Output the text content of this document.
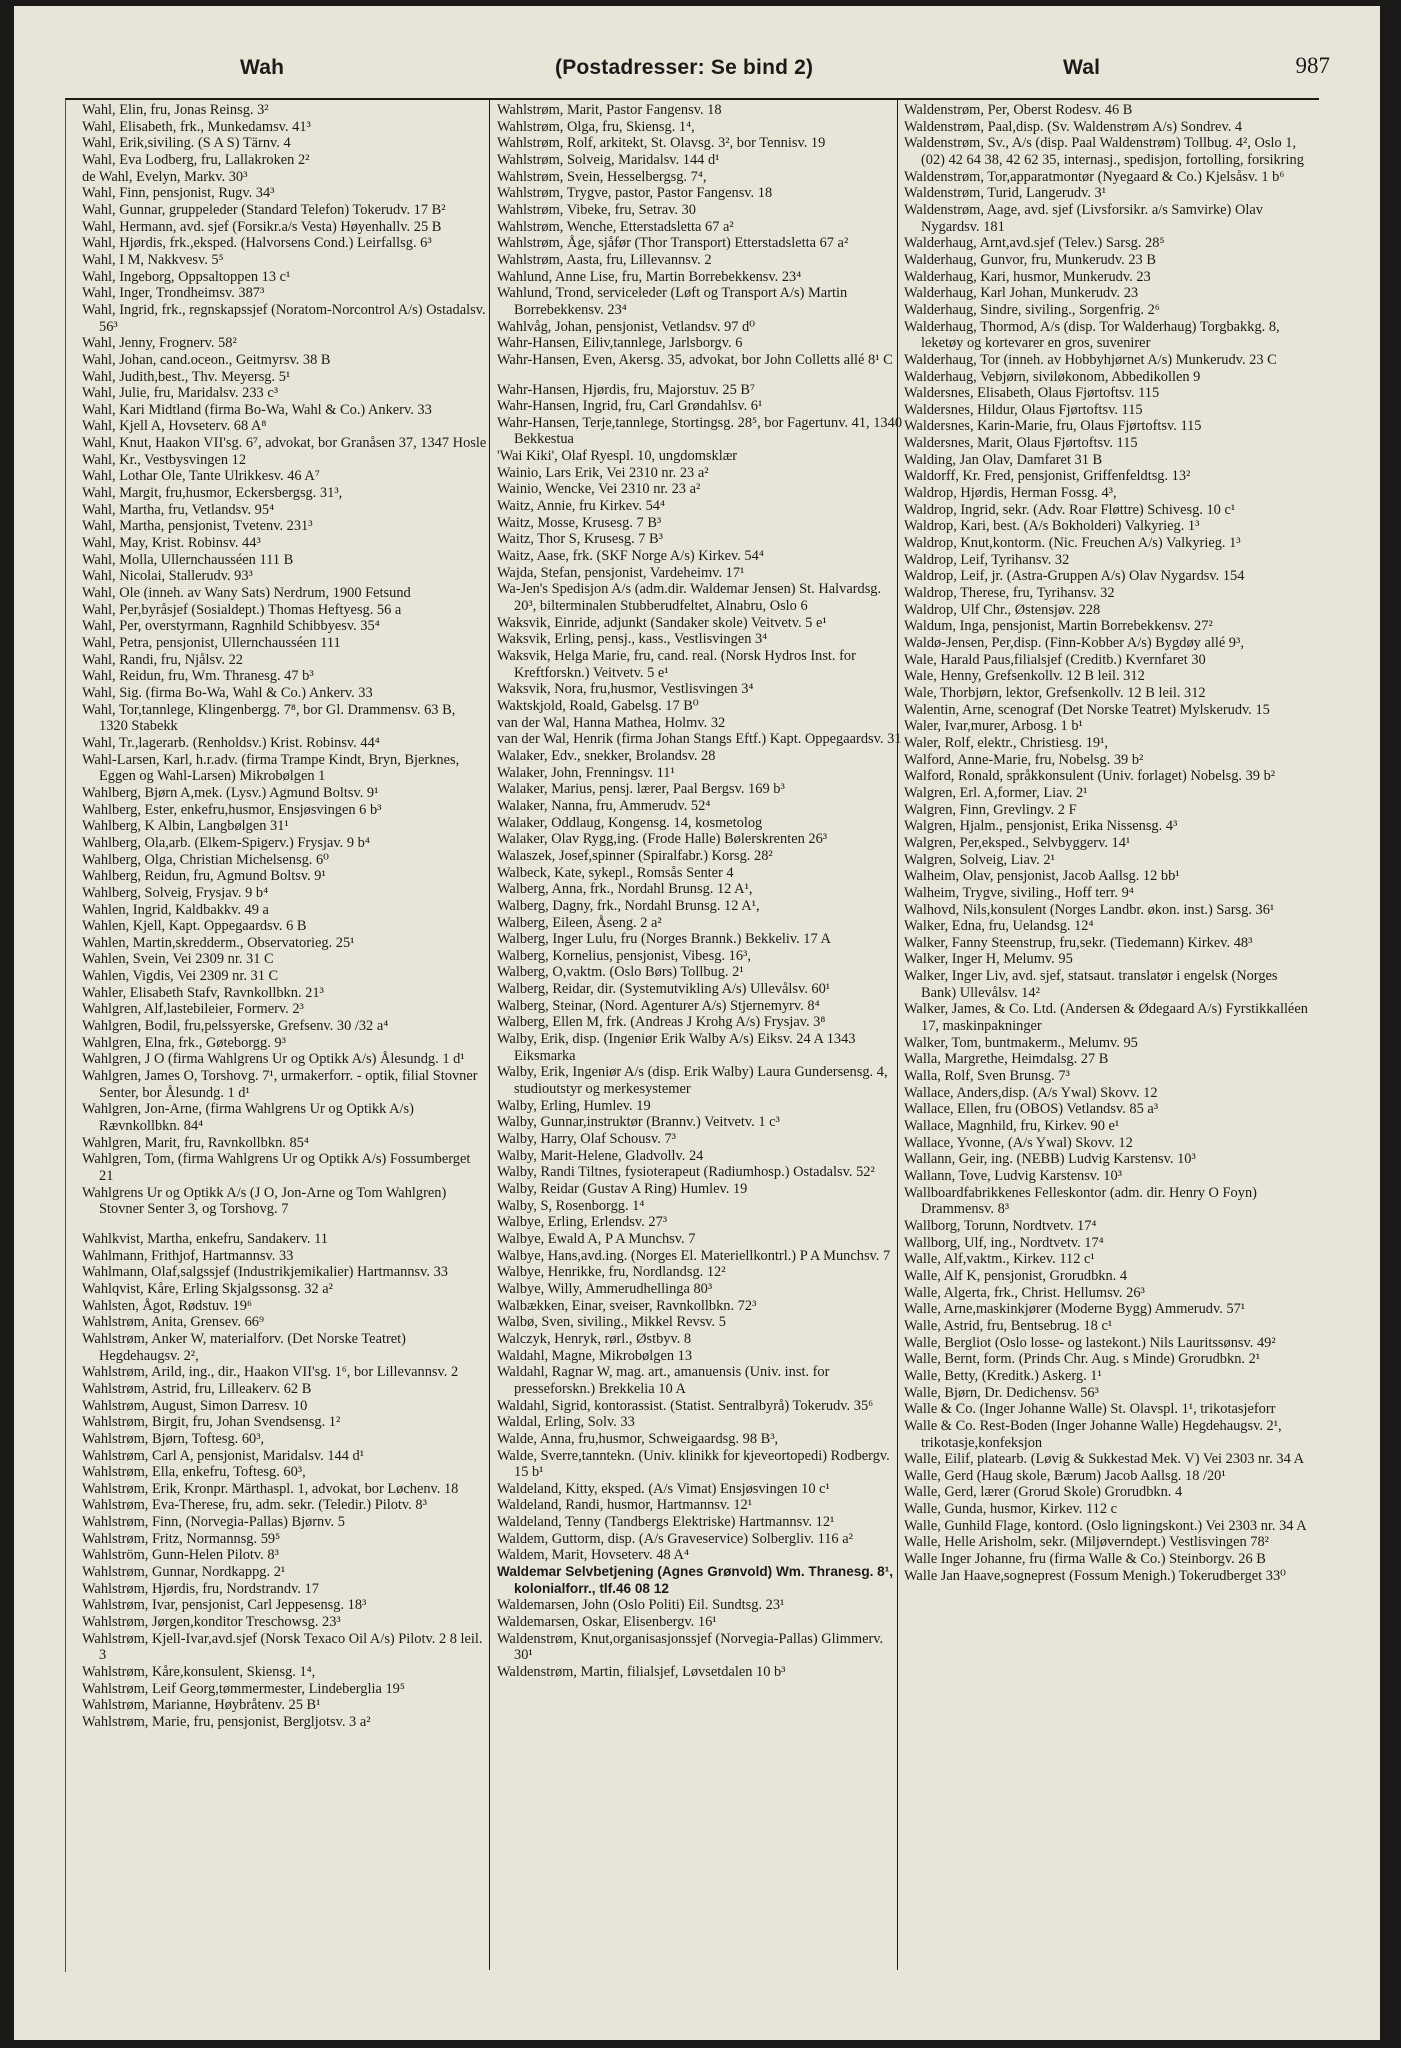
Wah	(Postadresser: Se bind 2)	Wal	987
Wahl, Elin, fru, Jonas Reinsg. 3²
Wahl, Elisabeth, frk., Munkedamsv. 41³
Wahl, Erik,siviling. (S A S) Tärnv. 4
Wahl, Eva Lodberg, fru, Lallakroken 2²
de Wahl, Evelyn, Markv. 30³
Wahl, Finn, pensjonist, Rugv. 34³
Wahl, Gunnar, gruppeleder (Standard Telefon) Tokerudv. 17 B²
Wahl, Hermann, avd. sjef (Forsikr.a/s Vesta) Høyenhallv. 25 B
Wahl, Hjørdis, frk.,eksped. (Halvorsens Cond.) Leirfallsg. 6³
Wahl, I M, Nakkvesv. 5⁵
Wahl, Ingeborg, Oppsaltoppen 13 c¹
Wahl, Inger, Trondheimsv. 387³
Wahl, Ingrid, frk., regnskapssjef (Noratom-Norcontrol A/s) Ostadalsv. 56³
Wahl, Jenny, Frognerv. 58²
Wahl, Johan, cand.oceon., Geitmyrsv. 38 B
Wahl, Judith,best., Thv. Meyersg. 5¹
Wahl, Julie, fru, Maridalsv. 233 c³
Wahl, Kari Midtland (firma Bo-Wa, Wahl & Co.) Ankerv. 33
Wahl, Kjell A, Hovseterv. 68 A⁸
Wahl, Knut, Haakon VII'sg. 6⁷, advokat, bor Granåsen 37, 1347 Hosle
Wahl, Kr., Vestbysvingen 12
Wahl, Lothar Ole, Tante Ulrikkesv. 46 A⁷
Wahl, Margit, fru,husmor, Eckersbergsg. 31³,
Wahl, Martha, fru, Vetlandsv. 95⁴
Wahl, Martha, pensjonist, Tvetenv. 231³
Wahl, May, Krist. Robinsv. 44³
Wahl, Molla, Ullernchausséen 111 B
Wahl, Nicolai, Stallerudv. 93³
Wahl, Ole (inneh. av Wany Sats) Nerdrum, 1900 Fetsund
Wahl, Per,byråsjef (Sosialdept.) Thomas Heftyesg. 56 a
Wahl, Per, overstyrmann, Ragnhild Schibbyesv. 35⁴
Wahl, Petra, pensjonist, Ullernchausséen 111
Wahl, Randi, fru, Njålsv. 22
Wahl, Reidun, fru, Wm. Thranesg. 47 b³
Wahl, Sig. (firma Bo-Wa, Wahl & Co.) Ankerv. 33
Wahl, Tor,tannlege, Klingenbergg. 7⁸, bor Gl. Drammensv. 63 B, 1320 Stabekk
Wahl, Tr.,lagerarb. (Renholdsv.) Krist. Robinsv. 44⁴
Wahl-Larsen, Karl, h.r.adv. (firma Trampe Kindt, Bryn, Bjerknes, Eggen og Wahl-Larsen) Mikrobølgen 1
Wahlberg, Bjørn A,mek. (Lysv.) Agmund Boltsv. 9¹
Wahlberg, Ester, enkefru,husmor, Ensjøsvingen 6 b³
Wahlberg, K Albin, Langbølgen 31¹
Wahlberg, Ola,arb. (Elkem-Spigerv.) Frysjav. 9 b⁴
Wahlberg, Olga, Christian Michelsensg. 6⁰
Wahlberg, Reidun, fru, Agmund Boltsv. 9¹
Wahlberg, Solveig, Frysjav. 9 b⁴
Wahlen, Ingrid, Kaldbakkv. 49 a
Wahlen, Kjell, Kapt. Oppegaardsv. 6 B
Wahlen, Martin,skredderm., Observatorieg. 25¹
Wahlen, Svein, Vei 2309 nr. 31 C
Wahlen, Vigdis, Vei 2309 nr. 31 C
Wahler, Elisabeth Stafv, Ravnkollbkn. 21³
Wahlgren, Alf,lastebileier, Formerv. 2³
Wahlgren, Bodil, fru,pelssyerske, Grefsenv. 30 /32 a⁴
Wahlgren, Elna, frk., Gøteborgg. 9³
Wahlgren, J O (firma Wahlgrens Ur og Optikk A/s) Ålesundg. 1 d¹
Wahlgren, James O, Torshovg. 7¹, urmakerforr. - optik, filial Stovner Senter, bor Ålesundg. 1 d¹
Wahlgren, Jon-Arne, (firma Wahlgrens Ur og Optikk A/s) Rævnkollbkn. 84⁴
Wahlgren, Marit, fru, Ravnkollbkn. 85⁴
Wahlgren, Tom, (firma Wahlgrens Ur og Optikk A/s) Fossumberget 21
Wahlgrens Ur og Optikk A/s (J O, Jon-Arne og Tom Wahlgren) Stovner Senter 3, og Torshovg. 7
Wahlkvist, Martha, enkefru, Sandakerv. 11
Wahlmann, Frithjof, Hartmannsv. 33
Wahlmann, Olaf,salgssjef (Industrikjemikalier) Hartmannsv. 33
Wahlqvist, Kåre, Erling Skjalgssonsg. 32 a²
Wahlsten, Ågot, Rødstuv. 19⁶
Wahlstrøm, Anita, Grensev. 66⁹
Wahlstrøm, Anker W, materialforv. (Det Norske Teatret) Hegdehaugsv. 2²,
Wahlstrøm, Arild, ing., dir., Haakon VII'sg. 1⁶, bor Lillevannsv. 2
Wahlstrøm, Astrid, fru, Lilleakerv. 62 B
Wahlstrøm, August, Simon Darresv. 10
Wahlstrøm, Birgit, fru, Johan Svendsensg. 1²
Wahlstrøm, Bjørn, Toftesg. 60³,
Wahlstrøm, Carl A, pensjonist, Maridalsv. 144 d¹
Wahlstrøm, Ella, enkefru, Toftesg. 60³,
Wahlstrøm, Erik, Kronpr. Märthaspl. 1, advokat, bor Løchenv. 18
Wahlstrøm, Eva-Therese, fru, adm. sekr. (Teledir.) Pilotv. 8³
Wahlstrøm, Finn, (Norvegia-Pallas) Bjørnv. 5
Wahlstrøm, Fritz, Normannsg. 59⁵
Wahlström, Gunn-Helen Pilotv. 8³
Wahlstrøm, Gunnar, Nordkappg. 2¹
Wahlstrøm, Hjørdis, fru, Nordstrandv. 17
Wahlstrøm, Ivar, pensjonist, Carl Jeppesensg. 18³
Wahlstrøm, Jørgen,konditor Treschowsg. 23³
Wahlstrøm, Kjell-Ivar,avd.sjef (Norsk Texaco Oil A/s) Pilotv. 2 8 leil. 3
Wahlstrøm, Kåre,konsulent, Skiensg. 1⁴,
Wahlstrøm, Leif Georg,tømmermester, Lindeberglia 19⁵
Wahlstrøm, Marianne, Høybråtenv. 25 B¹
Wahlstrøm, Marie, fru, pensjonist, Bergljotsv. 3 a²
Wahlstrøm, Marit, Pastor Fangensv. 18
Wahlstrøm, Olga, fru, Skiensg. 1⁴,
Wahlstrøm, Rolf, arkitekt, St. Olavsg. 3², bor Tennisv. 19
Wahlstrøm, Solveig, Maridalsv. 144 d¹
Wahlstrøm, Svein, Hesselbergsg. 7⁴,
Wahlstrøm, Trygve, pastor, Pastor Fangensv. 18
Wahlstrøm, Vibeke, fru, Setrav. 30
Wahlstrøm, Wenche, Etterstadsletta 67 a²
Wahlstrøm, Åge, sjåfør (Thor Transport) Etterstadsletta 67 a²
Wahlstrøm, Aasta, fru, Lillevannsv. 2
Wahlund, Anne Lise, fru, Martin Borrebekkensv. 23⁴
Wahlund, Trond, serviceleder (Løft og Transport A/s) Martin Borrebekkensv. 23⁴
Wahlvåg, Johan, pensjonist, Vetlandsv. 97 d⁰
Wahr-Hansen, Eiliv,tannlege, Jarlsborgv. 6
Wahr-Hansen, Even, Akersg. 35, advokat, bor John Colletts allé 8¹ C
Wahr-Hansen, Hjørdis, fru, Majorstuv. 25 B⁷
Wahr-Hansen, Ingrid, fru, Carl Grøndahlsv. 6¹
Wahr-Hansen, Terje,tannlege, Stortingsg. 28⁵, bor Fagertunv. 41, 1340 Bekkestua
'Wai Kiki', Olaf Ryespl. 10, ungdomsklær
Wainio, Lars Erik, Vei 2310 nr. 23 a²
Wainio, Wencke, Vei 2310 nr. 23 a²
Waitz, Annie, fru Kirkev. 54⁴
Waitz, Mosse, Krusesg. 7 B³
Waitz, Thor S, Krusesg. 7 B³
Waitz, Aase, frk. (SKF Norge A/s) Kirkev. 54⁴
Wajda, Stefan, pensjonist, Vardeheimv. 17¹
Wa-Jen's Spedisjon A/s (adm.dir. Waldemar Jensen) St. Halvardsg. 20³, bilterminalen Stubberudfeltet, Alnabru, Oslo 6
Waksvik, Einride, adjunkt (Sandaker skole) Veitvetv. 5 e¹
Waksvik, Erling, pensj., kass., Vestlisvingen 3⁴
Waksvik, Helga Marie, fru, cand. real. (Norsk Hydros Inst. for Kreftforskn.) Veitvetv. 5 e¹
Waksvik, Nora, fru,husmor, Vestlisvingen 3⁴
Waktskjold, Roald, Gabelsg. 17 B⁰
van der Wal, Hanna Mathea, Holmv. 32
van der Wal, Henrik (firma Johan Stangs Eftf.) Kapt. Oppegaardsv. 31
Walaker, Edv., snekker, Brolandsv. 28
Walaker, John, Frenningsv. 11¹
Walaker, Marius, pensj. lærer, Paal Bergsv. 169 b³
Walaker, Nanna, fru, Ammerudv. 52⁴
Walaker, Oddlaug, Kongensg. 14, kosmetolog
Walaker, Olav Rygg,ing. (Frode Halle) Bølerskrenten 26³
Walaszek, Josef,spinner (Spiralfabr.) Korsg. 28²
Walbeck, Kate, sykepl., Romsås Senter 4
Walberg, Anna, frk., Nordahl Brunsg. 12 A¹,
Walberg, Dagny, frk., Nordahl Brunsg. 12 A¹,
Walberg, Eileen, Åseng. 2 a²
Walberg, Inger Lulu, fru (Norges Brannk.) Bekkeliv. 17 A
Walberg, Kornelius, pensjonist, Vibesg. 16³,
Walberg, O,vaktm. (Oslo Børs) Tollbug. 2¹
Walberg, Reidar, dir. (Systemutvikling A/s) Ullevålsv. 60¹
Walberg, Steinar, (Nord. Agenturer A/s) Stjernemyrv. 8⁴
Walberg, Ellen M, frk. (Andreas J Krohg A/s) Frysjav. 3⁸
Walby, Erik, disp. (Ingeniør Erik Walby A/s) Eiksv. 24 A 1343 Eiksmarka
Walby, Erik, Ingeniør A/s (disp. Erik Walby) Laura Gundersensg. 4, studioutstyr og merkesystemer
Walby, Erling, Humlev. 19
Walby, Gunnar,instruktør (Brannv.) Veitvetv. 1 c³
Walby, Harry, Olaf Schousv. 7³
Walby, Marit-Helene, Gladvollv. 24
Walby, Randi Tiltnes, fysioterapeut (Radiumhosp.) Ostadalsv. 52²
Walby, Reidar (Gustav A Ring) Humlev. 19
Walby, S, Rosenborgg. 1⁴
Walbye, Erling, Erlendsv. 27³
Walbye, Ewald A, P A Munchsv. 7
Walbye, Hans,avd.ing. (Norges El. Materiellkontrl.) P A Munchsv. 7
Walbye, Henrikke, fru, Nordlandsg. 12²
Walbye, Willy, Ammerudhellinga 80³
Walbækken, Einar, sveiser, Ravnkollbkn. 72³
Walbø, Sven, siviling., Mikkel Revsv. 5
Walczyk, Henryk, rørl., Østbyv. 8
Waldahl, Magne, Mikrobølgen 13
Waldahl, Ragnar W, mag. art., amanuensis (Univ. inst. for presseforskn.) Brekkelia 10 A
Waldahl, Sigrid, kontorassist. (Statist. Sentralbyrå) Tokerudv. 35⁶
Waldal, Erling, Solv. 33
Walde, Anna, fru,husmor, Schweigaardsg. 98 B³,
Walde, Sverre,tanntekn. (Univ. klinikk for kjeveortopedi) Rodbergv. 15 b¹
Waldeland, Kitty, eksped. (A/s Vimat) Ensjøsvingen 10 c¹
Waldeland, Randi, husmor, Hartmannsv. 12¹
Waldeland, Tenny (Tandbergs Elektriske) Hartmannsv. 12¹
Waldem, Guttorm, disp. (A/s Graveservice) Solbergliv. 116 a²
Waldem, Marit, Hovseterv. 48 A⁴
Waldemar Selvbetjening (Agnes Grønvold) Wm. Thranesg. 8¹, kolonialforr., tlf.46 08 12
Waldemarsen, John (Oslo Politi) Eil. Sundtsg. 23¹
Waldemarsen, Oskar, Elisenbergv. 16¹
Waldenstrøm, Knut,organisasjonssjef (Norvegia-Pallas) Glimmerv. 30¹
Waldenstrøm, Martin, filialsjef, Løvsetdalen 10 b³
Waldenstrøm, Per, Oberst Rodesv. 46 B
Waldenstrøm, Paal,disp. (Sv. Waldenstrøm A/s) Sondrev. 4
Waldenstrøm, Sv., A/s (disp. Paal Waldenstrøm) Tollbug. 4², Oslo 1, (02) 42 64 38, 42 62 35, internasj., spedisjon, fortolling, forsikring
Waldenstrøm, Tor,apparatmontør (Nyegaard & Co.) Kjelsåsv. 1 b⁶
Waldenstrøm, Turid, Langerudv. 3¹
Waldenstrøm, Aage, avd. sjef (Livsforsikr. a/s Samvirke) Olav Nygardsv. 181
Walderhaug, Arnt,avd.sjef (Telev.) Sarsg. 28⁵
Walderhaug, Gunvor, fru, Munkerudv. 23 B
Walderhaug, Kari, husmor, Munkerudv. 23
Walderhaug, Karl Johan, Munkerudv. 23
Walderhaug, Sindre, siviling., Sorgenfrig. 2⁶
Walderhaug, Thormod, A/s (disp. Tor Walderhaug) Torgbakkg. 8, leketøy og kortevarer en gros, suvenirer
Walderhaug, Tor (inneh. av Hobbyhjørnet A/s) Munkerudv. 23 C
Walderhaug, Vebjørn, siviløkonom, Abbedikollen 9
Waldersnes, Elisabeth, Olaus Fjørtoftsv. 115
Waldersnes, Hildur, Olaus Fjørtoftsv. 115
Waldersnes, Karin-Marie, fru, Olaus Fjørtoftsv. 115
Waldersnes, Marit, Olaus Fjørtoftsv. 115
Walding, Jan Olav, Damfaret 31 B
Waldorff, Kr. Fred, pensjonist, Griffenfeldtsg. 13²
Waldrop, Hjørdis, Herman Fossg. 4³,
Waldrop, Ingrid, sekr. (Adv. Roar Fløttre) Schivesg. 10 c¹
Waldrop, Kari, best. (A/s Bokholderi) Valkyrieg. 1³
Waldrop, Knut,kontorm. (Nic. Freuchen A/s) Valkyrieg. 1³
Waldrop, Leif, Tyrihansv. 32
Waldrop, Leif, jr. (Astra-Gruppen A/s) Olav Nygardsv. 154
Waldrop, Therese, fru, Tyrihansv. 32
Waldrop, Ulf Chr., Østensjøv. 228
Waldum, Inga, pensjonist, Martin Borrebekkensv. 27²
Waldø-Jensen, Per,disp. (Finn-Kobber A/s) Bygdøy allé 9³,
Wale, Harald Paus,filialsjef (Creditb.) Kvernfaret 30
Wale, Henny, Grefsenkollv. 12 B leil. 312
Wale, Thorbjørn, lektor, Grefsenkollv. 12 B leil. 312
Walentin, Arne, scenograf (Det Norske Teatret) Mylskerudv. 15
Waler, Ivar,murer, Arbosg. 1 b¹
Waler, Rolf, elektr., Christiesg. 19¹,
Walford, Anne-Marie, fru, Nobelsg. 39 b²
Walford, Ronald, språkkonsulent (Univ. forlaget) Nobelsg. 39 b²
Walgren, Erl. A,former, Liav. 2¹
Walgren, Finn, Grevlingv. 2 F
Walgren, Hjalm., pensjonist, Erika Nissensg. 4³
Walgren, Per,eksped., Selvbyggerv. 14¹
Walgren, Solveig, Liav. 2¹
Walheim, Olav, pensjonist, Jacob Aallsg. 12 bb¹
Walheim, Trygve, siviling., Hoff terr. 9⁴
Walhovd, Nils,konsulent (Norges Landbr. økon. inst.) Sarsg. 36¹
Walker, Edna, fru, Uelandsg. 12⁴
Walker, Fanny Steenstrup, fru,sekr. (Tiedemann) Kirkev. 48³
Walker, Inger H, Melumv. 95
Walker, Inger Liv, avd. sjef, statsaut. translatør i engelsk (Norges Bank) Ullevålsv. 14²
Walker, James, & Co. Ltd. (Andersen & Ødegaard A/s) Fyrstikkalléen 17, maskinpakninger
Walker, Tom, buntmakerm., Melumv. 95
Walla, Margrethe, Heimdalsg. 27 B
Walla, Rolf, Sven Brunsg. 7³
Wallace, Anders,disp. (A/s Ywal) Skovv. 12
Wallace, Ellen, fru (OBOS) Vetlandsv. 85 a³
Wallace, Magnhild, fru, Kirkev. 90 e¹
Wallace, Yvonne, (A/s Ywal) Skovv. 12
Wallann, Geir, ing. (NEBB) Ludvig Karstensv. 10³
Wallann, Tove, Ludvig Karstensv. 10³
Wallboardfabrikkenes Felleskontor (adm. dir. Henry O Foyn) Drammensv. 8³
Wallborg, Torunn, Nordtvetv. 17⁴
Wallborg, Ulf, ing., Nordtvetv. 17⁴
Walle, Alf,vaktm., Kirkev. 112 c¹
Walle, Alf K, pensjonist, Grorudbkn. 4
Walle, Algerta, frk., Christ. Hellumsv. 26³
Walle, Arne,maskinkjører (Moderne Bygg) Ammerudv. 57¹
Walle, Astrid, fru, Bentsebrug. 18 c¹
Walle, Bergliot (Oslo losse- og lastekont.) Nils Lauritssønsv. 49²
Walle, Bernt, form. (Prinds Chr. Aug. s Minde) Grorudbkn. 2¹
Walle, Betty, (Kreditk.) Askerg. 1¹
Walle, Bjørn, Dr. Dedichensv. 56³
Walle & Co. (Inger Johanne Walle) St. Olavspl. 1¹, trikotasjeforr
Walle & Co. Rest-Boden (Inger Johanne Walle) Hegdehaugsv. 2¹, trikotasje,konfeksjon
Walle, Eilif, platearb. (Løvig & Sukkestad Mek. V) Vei 2303 nr. 34 A
Walle, Gerd (Haug skole, Bærum) Jacob Aallsg. 18 /20¹
Walle, Gerd, lærer (Grorud Skole) Grorudbkn. 4
Walle, Gunda, husmor, Kirkev. 112 c
Walle, Gunhild Flage, kontord. (Oslo ligningskont.) Vei 2303 nr. 34 A
Walle, Helle Arisholm, sekr. (Miljøverndept.) Vestlisvingen 78²
Walle Inger Johanne, fru (firma Walle & Co.) Steinborgv. 26 B
Walle Jan Haave,sogneprest (Fossum Menigh.) Tokerudberget 33⁰
